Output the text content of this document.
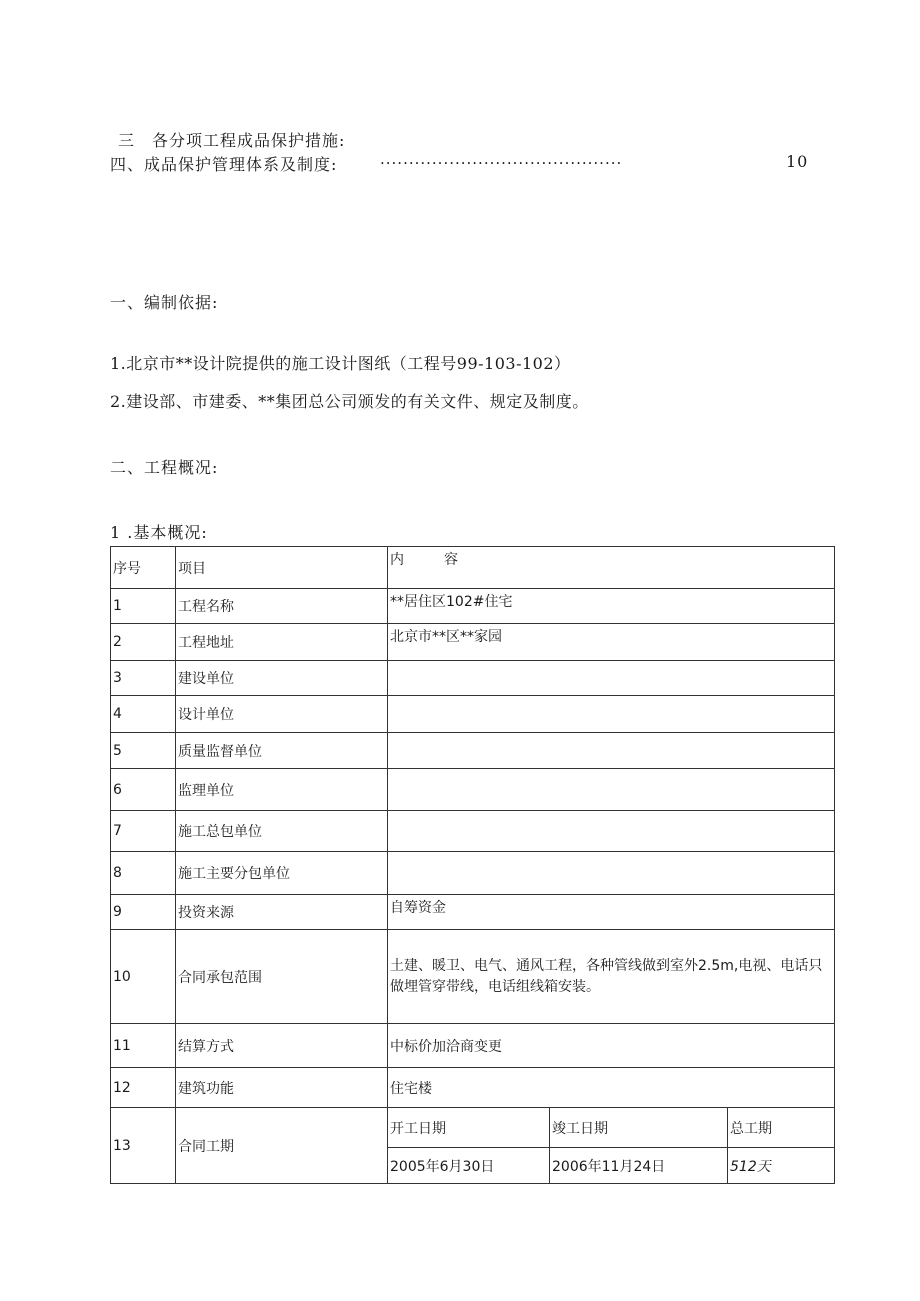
三　各分项工程成品保护措施:
四、成品保护管理体系及制度:	..........................................	10
一、编制依据:
1.北京市**设计院提供的施工设计图纸（工程号99-103-102）
2.建设部、市建委、**集团总公司颁发的有关文件、规定及制度。
二、工程概况:
1 .基本概况:
序号	项目	内 容		
1	工程名称	**居住区102#住宅		
2	工程地址	北京市**区**家园		
3	建设单位			
4	设计单位			
5	质量监督单位			
6	监理单位			
7	施工总包单位			
8	施工主要分包单位			
9	投资来源	自筹资金		
10	合同承包范围	土建、暖卫、电气、通风工程，各种管线做到室外2.5m,电视、电话只做埋管穿带线，电话组线箱安装。		
11	结算方式	中标价加洽商变更		
12	建筑功能	住宅楼		
13	合同工期	开工日期	竣工日期	总工期
		2005年6月30日	2006年11月24日	512天
